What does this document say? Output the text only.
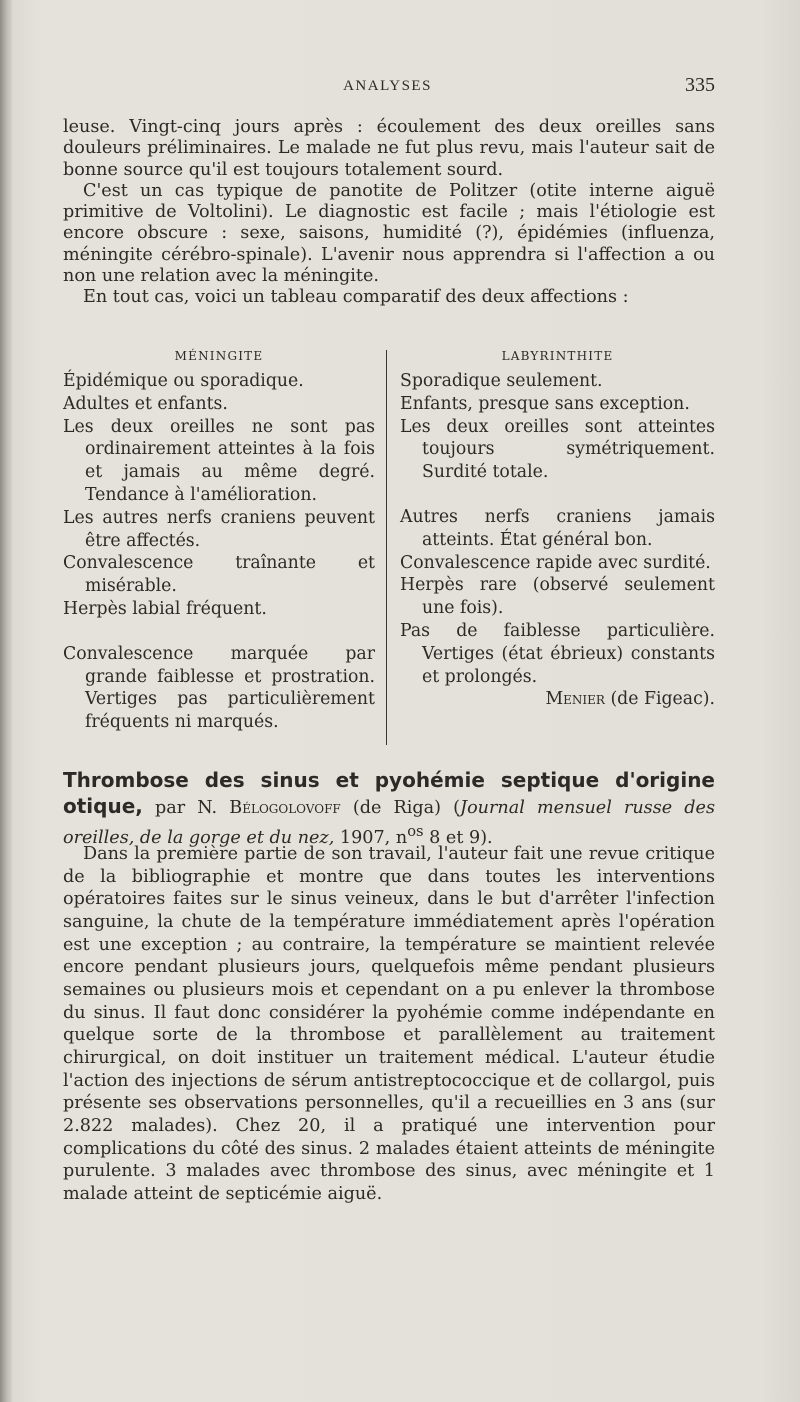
ANALYSES	335

leuse. Vingt-cinq jours après : écoulement des deux oreilles sans douleurs préliminaires. Le malade ne fut plus revu, mais l'auteur sait de bonne source qu'il est toujours totalement sourd.

C'est un cas typique de panotite de Politzer (otite interne aiguë primitive de Voltolini). Le diagnostic est facile ; mais l'étiologie est encore obscure : sexe, saisons, humidité (?), épidémies (influenza, méningite cérébro-spinale). L'avenir nous apprendra si l'affection a ou non une relation avec la méningite.

En tout cas, voici un tableau comparatif des deux affections :

MÉNINGITE

Épidémique ou sporadique.

Adultes et enfants.

Les deux oreilles ne sont pas ordinairement atteintes à la fois et jamais au même degré. Tendance à l'amélioration.

Les autres nerfs craniens peuvent être affectés.

Convalescence traînante et misérable.

Herpès labial fréquent.

Convalescence marquée par grande faiblesse et prostration. Vertiges pas particulièrement fréquents ni marqués.

LABYRINTHITE

Sporadique seulement.

Enfants, presque sans exception.

Les deux oreilles sont atteintes toujours symétriquement. Surdité totale.

Autres nerfs craniens jamais atteints. État général bon.

Convalescence rapide avec surdité.

Herpès rare (observé seulement une fois).

Pas de faiblesse particulière. Vertiges (état ébrieux) constants et prolongés.

Menier (de Figeac).
Thrombose des sinus et pyohémie septique d'origine otique, par N. Bélogolovoff (de Riga) (Journal mensuel russe des oreilles, de la gorge et du nez, 1907, $n^{os}$ 8 et 9).

Dans la première partie de son travail, l'auteur fait une revue critique de la bibliographie et montre que dans toutes les interventions opératoires faites sur le sinus veineux, dans le but d'arrêter l'infection sanguine, la chute de la température immédiatement après l'opération est une exception ; au contraire, la température se maintient relevée encore pendant plusieurs jours, quelquefois même pendant plusieurs semaines ou plusieurs mois et cependant on a pu enlever la thrombose du sinus. Il faut donc considérer la pyohémie comme indépendante en quelque sorte de la thrombose et parallèlement au traitement chirurgical, on doit instituer un traitement médical. L'auteur étudie l'action des injections de sérum antistreptococcique et de collargol, puis présente ses observations personnelles, qu'il a recueillies en 3 ans (sur 2.822 malades). Chez 20, il a pratiqué une intervention pour complications du côté des sinus. 2 malades étaient atteints de méningite purulente. 3 malades avec thrombose des sinus, avec méningite et 1 malade atteint de septicémie aiguë.
